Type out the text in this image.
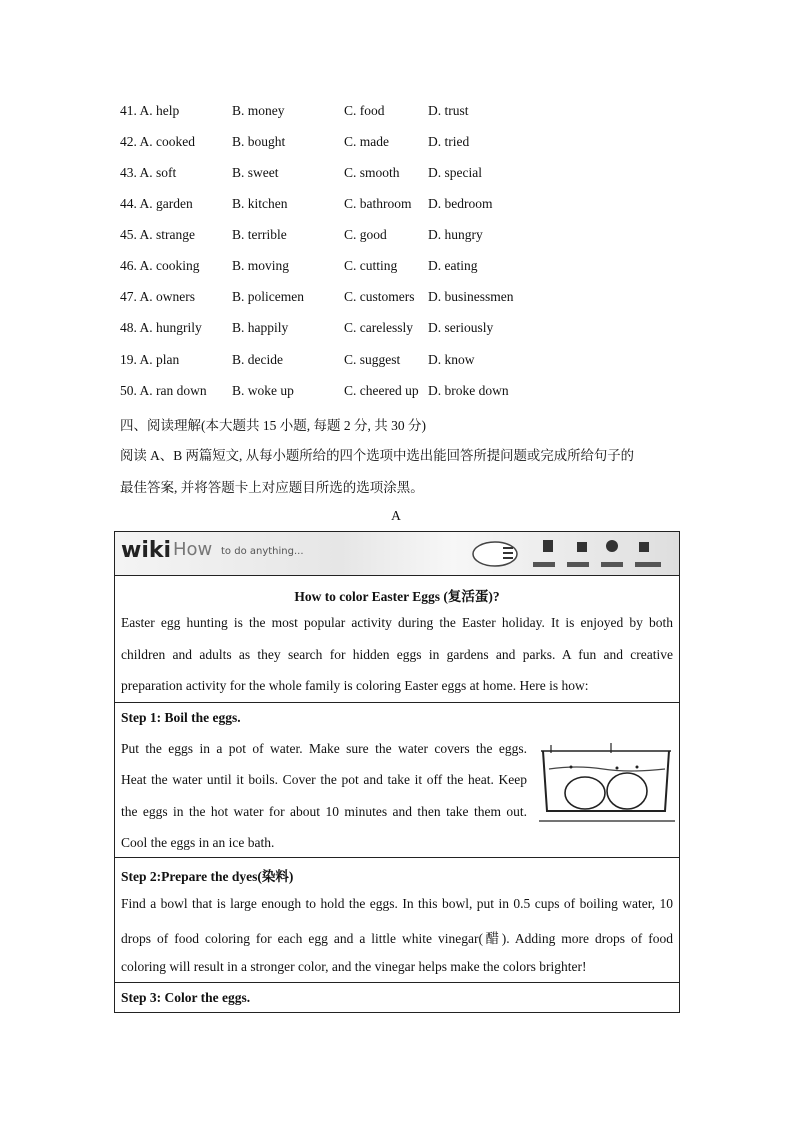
41. A. help	B. money	C. food	D. trust
42. A. cooked	B. bought	C. made	D. tried
43. A. soft	B. sweet	C. smooth D. special
44. A. garden	B. kitchen	C. bathroom D. bedroom
45. A. strange	B. terrible	C. good	D. hungry
46. A. cooking B. moving	C. cutting D. eating
47. A. owners	B. policemen	C. customers D. businessmen
48. A. hungrily B. happily	C. carelessly D. seriously
19. A. plan	B. decide	C. suggest D. know
50. A. ran down B. woke up	C. cheered up D. broke down
四、阅读理解(本大题共 15 小题, 每题 2 分, 共 30 分)
阅读 A、B 两篇短文, 从每小题所给的四个选项中选出能回答所提问题或完成所给句子的
最佳答案, 并将答题卡上对应题目所选的选项涂黑。
A
wiki How to do anything...
How to color Easter Eggs (复活蛋)?
Easter egg hunting is the most popular activity during the Easter holiday. It is enjoyed by both
children and adults as they search for hidden eggs in gardens and parks. A fun and creative
preparation activity for the whole family is coloring Easter eggs at home. Here is how:
Step 1: Boil the eggs.
Put the eggs in a pot of water. Make sure the water covers the eggs.
Heat the water until it boils. Cover the pot and take it off the heat. Keep
the eggs in the hot water for about 10 minutes and then take them out.
Cool the eggs in an ice bath.
Step 2:Prepare the dyes(染料)
Find a bowl that is large enough to hold the eggs. In this bowl, put in 0.5 cups of boiling water, 10
drops of food coloring for each egg and a little white vinegar(醋). Adding more drops of food
coloring will result in a stronger color, and the vinegar helps make the colors brighter!
Step 3: Color the eggs.
